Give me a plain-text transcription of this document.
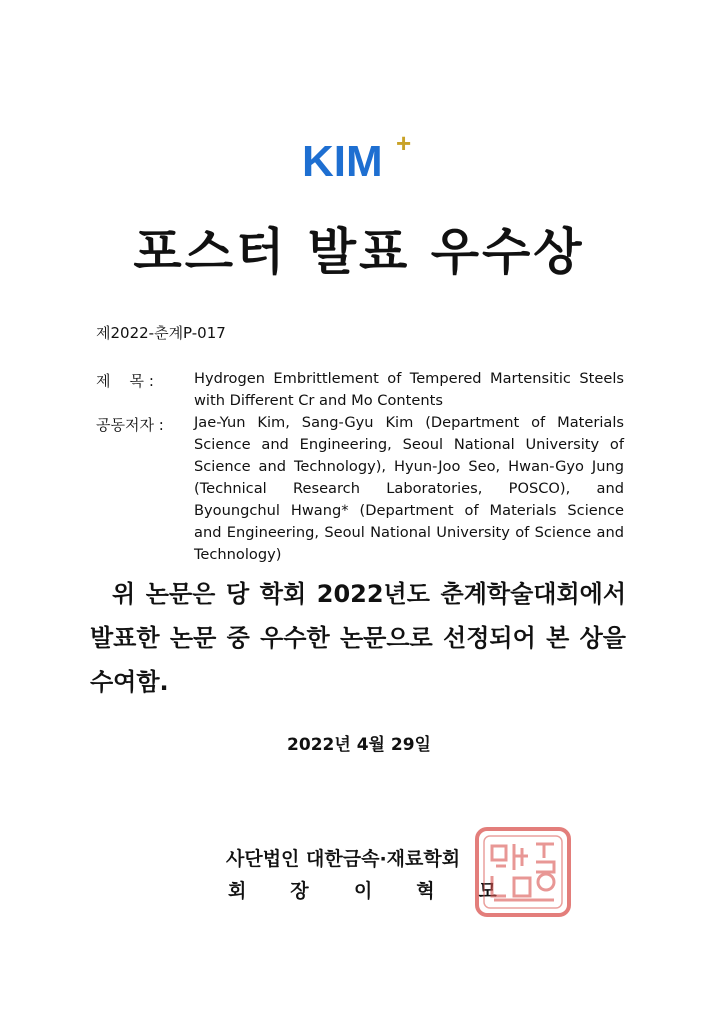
KIM +
포스터 발표 우수상
제2022-춘계P-017
제    목 :	Hydrogen Embrittlement of Tempered Martensitic Steels with Different Cr and Mo Contents
공동저자 : Jae-Yun Kim, Sang-Gyu Kim (Department of Materials Science and Engineering, Seoul National University of Science and Technology), Hyun-Joo Seo, Hwan-Gyo Jung (Technical Research Laboratories, POSCO), and Byoungchul Hwang* (Department of Materials Science and Engineering, Seoul National University of Science and Technology)
위 논문은 당 학회 2022년도 춘계학술대회에서 발표한 논문 중 우수한 논문으로 선정되어 본 상을 수여함.
2022년 4월 29일
사단법인 대한금속·재료학회
회   장 이   혁   모
